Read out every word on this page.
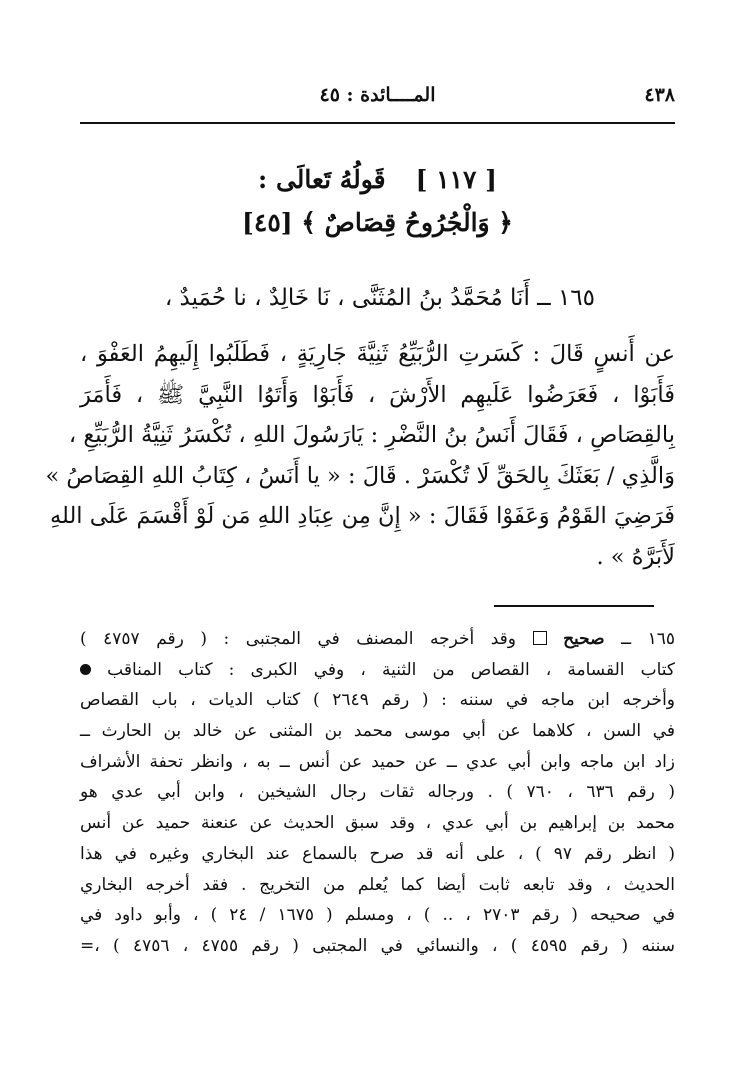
٤٣٨
المــــائدة : ٤٥
[ ١١٧ ]   قَولُهُ تَعالَى :
﴿ وَالْجُرُوحُ قِصَاصٌ ﴾ [٤٥]
١٦٥ ــ أَنَا مُحَمَّدُ بنُ المُثَنَّى ، نَا خَالِدٌ ، نا حُمَيدٌ ،
عن أَنسٍ قَالَ : كَسَرتِ الرُّبَيِّعُ ثَنِيَّةَ جَارِيَةٍ ، فَطَلَبُوا إِلَيهِمُ العَفْوَ ،
فَأَبَوْا ، فَعَرَضُوا عَلَيهِم الأَرْشَ ، فَأَبَوْا وَأَتَوُا النَّبِيَّ ﷺ ، فَأَمَرَ
بِالقِصَاصِ ، فَقَالَ أَنَسُ بنُ النَّضْرِ : يَارَسُولَ اللهِ ، تُكْسَرُ ثَنِيَّةُ الرُّبَيِّعِ ،
وَالَّذِي / بَعَثَكَ بِالحَقِّ لَا تُكْسَرْ . قَالَ : « يا أَنَسُ ، كِتَابُ اللهِ القِصَاصُ »
فَرَضِيَ القَوْمُ وَعَفَوْا فَقَالَ : « إِنَّ مِن عِبَادِ اللهِ مَن لَوْ أَقْسَمَ عَلَى اللهِ
لَأَبَرَّهُ » .
١٦٥ ــ صحيح  وقد أخرجه المصنف في المجتبى : ( رقم ٤٧٥٧ )
كتاب القسامة ، القصاص من الثنية ، وفي الكبرى : كتاب المناقب
وأخرجه ابن ماجه في سننه : ( رقم ٢٦٤٩ ) كتاب الديات ، باب القصاص
في السن ، كلاهما عن أبي موسى محمد بن المثنى عن خالد بن الحارث ــ
زاد ابن ماجه وابن أبي عدي ــ عن حميد عن أنس ــ به ، وانظر تحفة الأشراف
( رقم ٦٣٦ ، ٧٦٠ ) . ورجاله ثقات رجال الشيخين ، وابن أبي عدي هو
محمد بن إبراهيم بن أبي عدي ، وقد سبق الحديث عن عنعنة حميد عن أنس
( انظر رقم ٩٧ ) ، على أنه قد صرح بالسماع عند البخاري وغيره في هذا
الحديث ، وقد تابعه ثابت أيضا كما يُعلم من التخريج . فقد أخرجه البخاري
في صحيحه ( رقم ٢٧٠٣ ، .. ) ، ومسلم ( ١٦٧٥ / ٢٤ ) ، وأبو داود في
سننه ( رقم ٤٥٩٥ ) ، والنسائي في المجتبى ( رقم ٤٧٥٥ ، ٤٧٥٦ ) ،=
